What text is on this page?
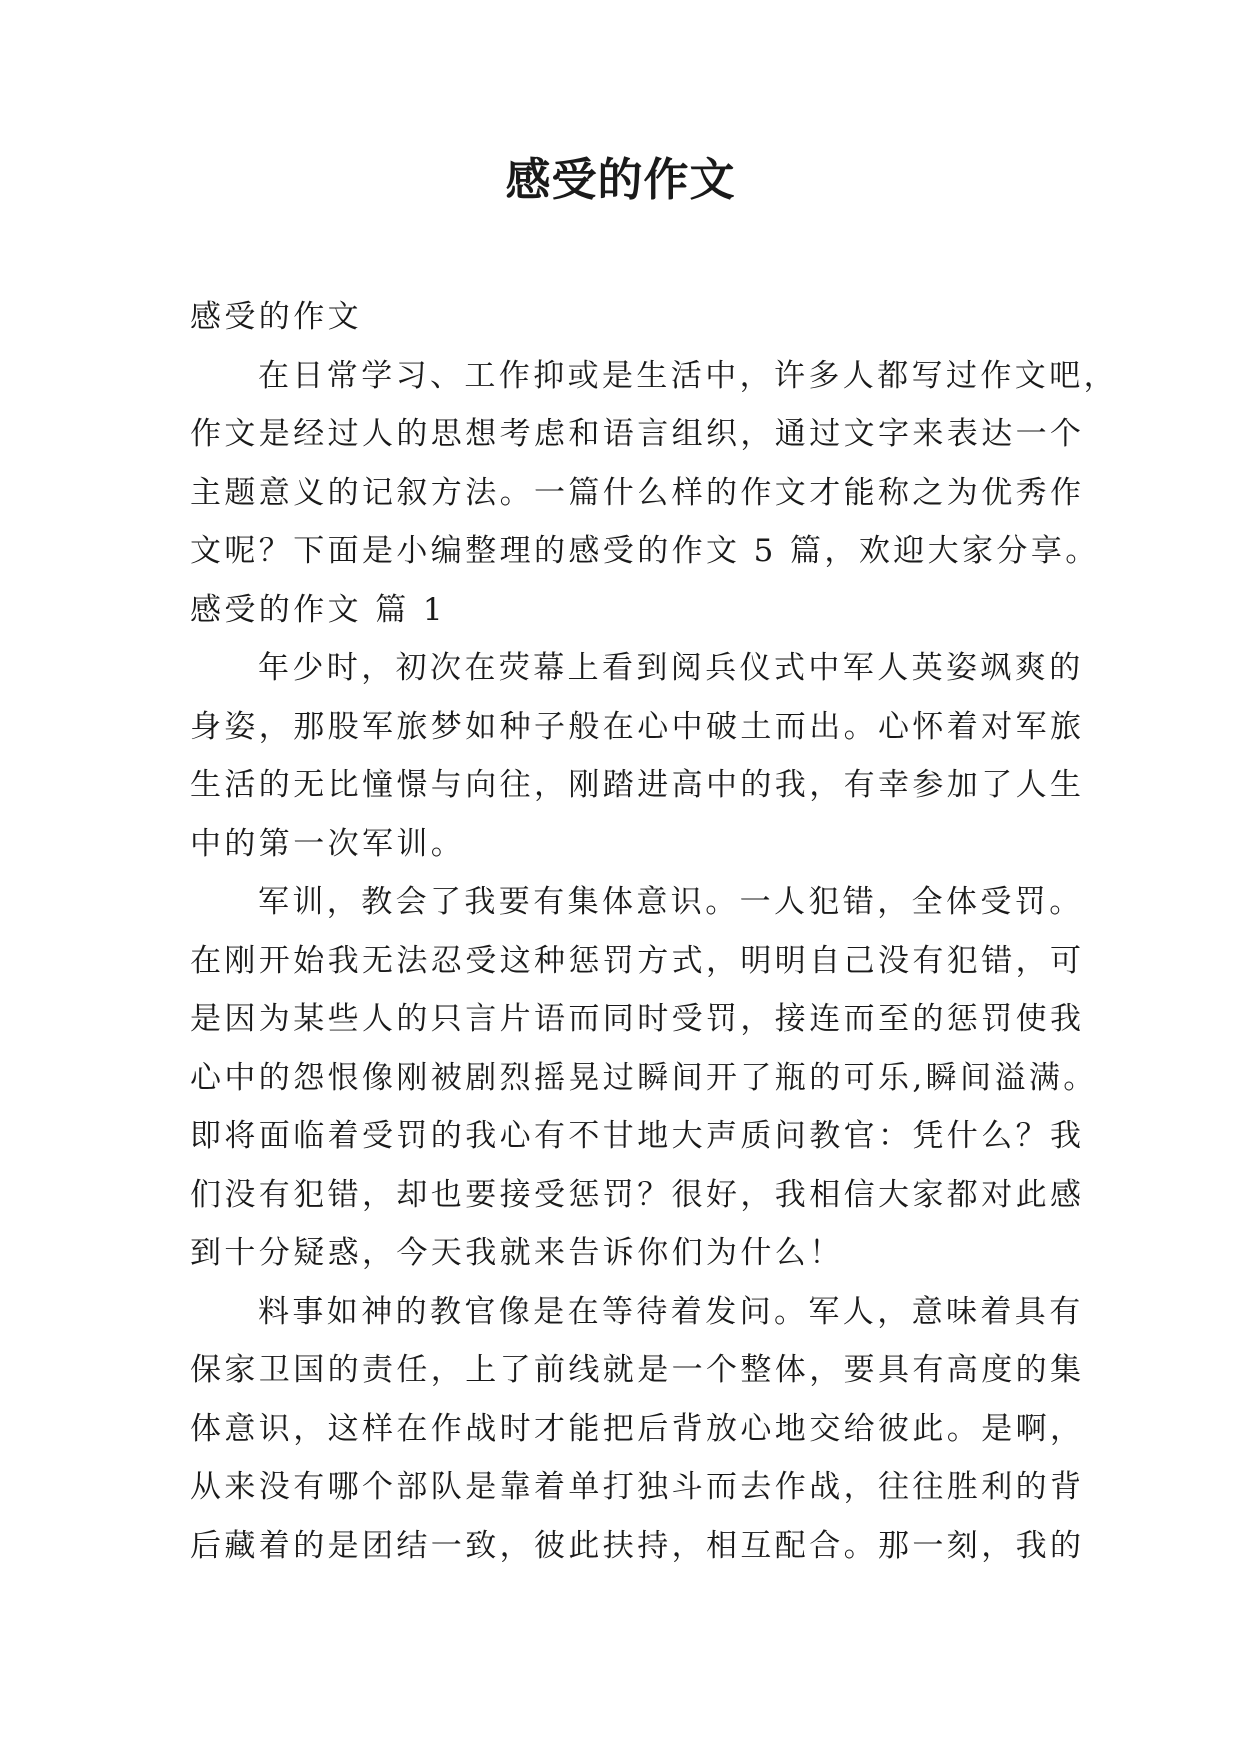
感受的作文
感受的作文
在日常学习、工作抑或是生活中，许多人都写过作文吧，
作文是经过人的思想考虑和语言组织，通过文字来表达一个
主题意义的记叙方法。一篇什么样的作文才能称之为优秀作
文呢？下面是小编整理的感受的作文 5 篇，欢迎大家分享。
感受的作文 篇 1
年少时，初次在荧幕上看到阅兵仪式中军人英姿飒爽的
身姿，那股军旅梦如种子般在心中破土而出。心怀着对军旅
生活的无比憧憬与向往，刚踏进高中的我，有幸参加了人生
中的第一次军训。
军训，教会了我要有集体意识。一人犯错，全体受罚。
在刚开始我无法忍受这种惩罚方式，明明自己没有犯错，可
是因为某些人的只言片语而同时受罚，接连而至的惩罚使我
心中的怨恨像刚被剧烈摇晃过瞬间开了瓶的可乐,瞬间溢满。
即将面临着受罚的我心有不甘地大声质问教官：凭什么？我
们没有犯错，却也要接受惩罚？很好，我相信大家都对此感
到十分疑惑，今天我就来告诉你们为什么！
料事如神的教官像是在等待着发问。军人，意味着具有
保家卫国的责任，上了前线就是一个整体，要具有高度的集
体意识，这样在作战时才能把后背放心地交给彼此。是啊，
从来没有哪个部队是靠着单打独斗而去作战，往往胜利的背
后藏着的是团结一致，彼此扶持，相互配合。那一刻，我的
